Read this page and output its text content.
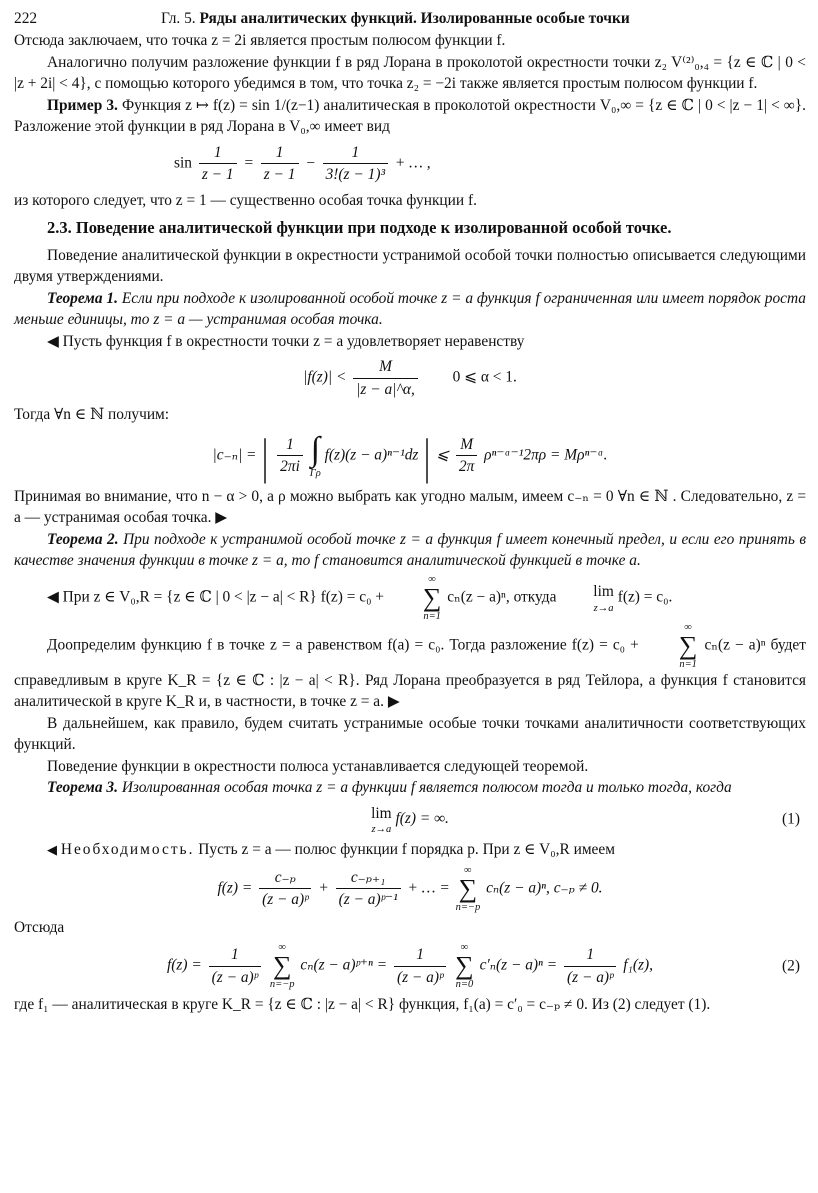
222	Гл. 5. Ряды аналитических функций. Изолированные особые точки

Отсюда заключаем, что точка z = 2i является простым полюсом функции f.

Аналогично получим разложение функции f в ряд Лорана в проколотой окрестности точки z₂ V⁽²⁾₀,₄ = {z ∈ ℂ | 0 < |z + 2i| < 4}, с помощью которого убедимся в том, что точка z₂ = −2i также является простым полюсом функции f.

Пример 3. Функция z ↦ f(z) = sin 1/(z−1) аналитическая в проколотой окрестности V₀,∞ = {z ∈ ℂ | 0 < |z − 1| < ∞}. Разложение этой функции в ряд Лорана в V₀,∞ имеет вид

$\sin \frac{1}{z - 1} = \frac{1}{z - 1} - \frac{1}{\text{3!(z − 1)³}}$ + … ,

из которого следует, что z = 1 — существенно особая точка функции f.

2.3. Поведение аналитической функции при подходе к изолированной особой точке.

Поведение аналитической функции в окрестности устранимой особой точки полностью описывается следующими двумя утверждениями.

Теорема 1. Если при подходе к изолированной особой точке z = a функция f ограниченная или имеет порядок роста меньше единицы, то z = a — устранимая особая точка.

◀ Пусть функция f в окрестности точки z = a удовлетворяет неравенству

$|f(z)| < \frac{M}{|z - a|\^{}\alpha,} 0$ ⩽ α < 1.

Тогда ∀n ∈ ℕ получим:

|c₋ₙ| = | $\frac{1}{2\pi i}$
∫
Γρ
f(z)(z − a)ⁿ⁻¹dz | ⩽ $\frac{M}{2\pi}$ ρⁿ⁻ᵅ⁻¹2πρ = Mρⁿ⁻ᵅ.

Принимая во внимание, что n − α > 0, а ρ можно выбрать как угодно малым, имеем c₋ₙ = 0 ∀n ∈ ℕ . Следовательно, z = a — устранимая особая точка. ▶

Теорема 2. При подходе к устранимой особой точке z = a функция f имеет конечный предел, и если его принять в качестве значения функции в точке z = a, то f становится аналитической функцией в точке a.

◀ При z ∈ V₀,R = {z ∈ ℂ | 0 < |z − a| < R} f(z) = c₀ +
∞
∑
n=1
cₙ(z − a)ⁿ, откуда lim
z→a
f(z) = c₀.

Доопределим функцию f в точке z = a равенством f(a) = c₀. Тогда разложение f(z) = c₀ +
∞
∑
n=1
cₙ(z − a)ⁿ будет справедливым в круге K_R = {z ∈ ℂ : |z − a| < R}. Ряд Лорана преобразуется в ряд Тейлора, а функция f становится аналитической в круге K_R и, в частности, в точке z = a. ▶

В дальнейшем, как правило, будем считать устранимые особые точки точками аналитичности соответствующих функций.

Поведение функции в окрестности полюса устанавливается следующей теоремой.

Теорема 3. Изолированная особая точка z = a функции f является полюсом тогда и только тогда, когда

lim
z→a
f(z) = ∞.	(1)

◀ Необходимость. Пусть z = a — полюс функции f порядка p. При z ∈ V₀,R имеем

$f(z) = \frac{\text{c₋ₚ}}{\text{(z − a)ᵖ}} + \frac{\text{c₋ₚ₊₁}}{\text{(z − a)ᵖ⁻¹}}$ + … =
∞
∑
n=−p
cₙ(z − a)ⁿ, c₋ₚ ≠ 0.

Отсюда

$f(z) = \frac{1}{\text{(z − a)ᵖ}}$
	∞
∑
n=−p
cₙ(z − a)ᵖ⁺ⁿ = $\frac{1}{\text{(z − a)ᵖ}}$
	∞
∑
n=0
$c'_n(z - a)^n = \frac{1}{\text{(z − a)ᵖ}} f_1(z)$,	(2)

где f₁ — аналитическая в круге K_R = {z ∈ ℂ : |z − a| < R} функция, f₁(a) = c′₀ = c₋ₚ ≠ 0. Из (2) следует (1).
